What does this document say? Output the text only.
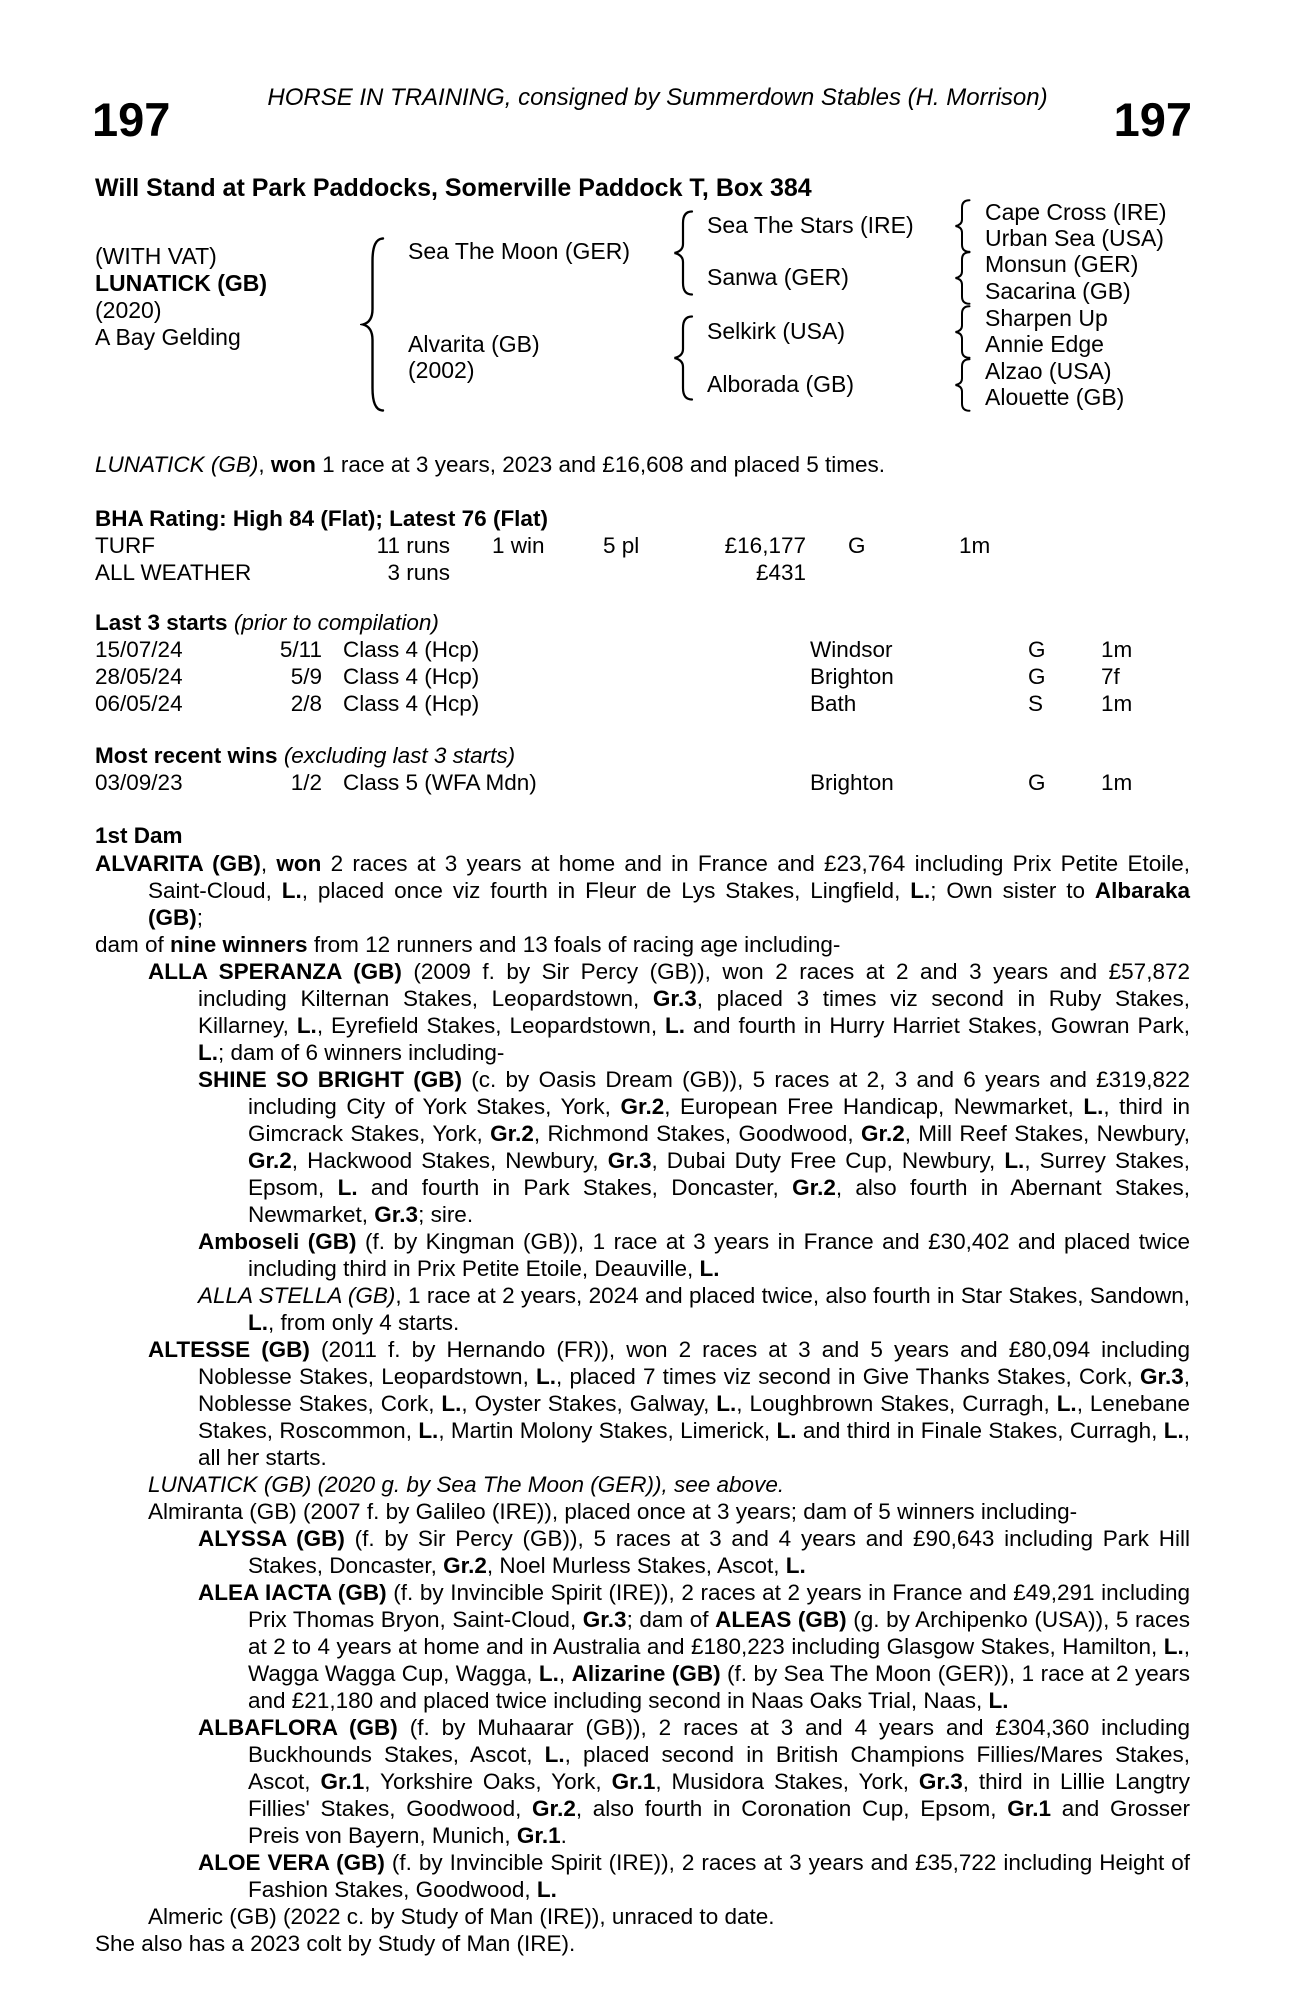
HORSE IN TRAINING, consigned by Summerdown Stables (H. Morrison)
197	197
Will Stand at Park Paddocks, Somerville Paddock T, Box 384
(WITH VAT)
LUNATICK (GB)
(2020)
A Bay Gelding
Sea The Moon (GER)
Alvarita (GB)
(2002)
Sea The Stars (IRE)
Sanwa (GER)
Selkirk (USA)
Alborada (GB)
Cape Cross (IRE)
Urban Sea (USA)
Monsun (GER)
Sacarina (GB)
Sharpen Up
Annie Edge
Alzao (USA)
Alouette (GB)
LUNATICK (GB), won 1 race at 3 years, 2023 and £16,608 and placed 5 times.
BHA Rating: High 84 (Flat); Latest 76 (Flat)
TURF	11 runs 1 win	5 pl	£16,177 G	1m
ALL WEATHER	3 runs	£431
Last 3 starts (prior to compilation)
15/07/24	5/11 Class 4 (Hcp)	Windsor	G 1m
28/05/24	5/9 Class 4 (Hcp)	Brighton	G 7f
06/05/24	2/8 Class 4 (Hcp)	Bath	S	1m
Most recent wins (excluding last 3 starts)
03/09/23	1/2 Class 5 (WFA Mdn)	Brighton	G 1m
1st Dam
ALVARITA (GB), won 2 races at 3 years at home and in France and £23,764 including Prix Petite Etoile, Saint-Cloud, L., placed once viz fourth in Fleur de Lys Stakes, Lingfield, L.; Own sister to Albaraka (GB);
dam of nine winners from 12 runners and 13 foals of racing age including-
ALLA SPERANZA (GB) (2009 f. by Sir Percy (GB)), won 2 races at 2 and 3 years and £57,872 including Kilternan Stakes, Leopardstown, Gr.3, placed 3 times viz second in Ruby Stakes, Killarney, L., Eyrefield Stakes, Leopardstown, L. and fourth in Hurry Harriet Stakes, Gowran Park, L.; dam of 6 winners including-
SHINE SO BRIGHT (GB) (c. by Oasis Dream (GB)), 5 races at 2, 3 and 6 years and £319,822 including City of York Stakes, York, Gr.2, European Free Handicap, Newmarket, L., third in Gimcrack Stakes, York, Gr.2, Richmond Stakes, Goodwood, Gr.2, Mill Reef Stakes, Newbury, Gr.2, Hackwood Stakes, Newbury, Gr.3, Dubai Duty Free Cup, Newbury, L., Surrey Stakes, Epsom, L. and fourth in Park Stakes, Doncaster, Gr.2, also fourth in Abernant Stakes, Newmarket, Gr.3; sire.
Amboseli (GB) (f. by Kingman (GB)), 1 race at 3 years in France and £30,402 and placed twice including third in Prix Petite Etoile, Deauville, L.
ALLA STELLA (GB), 1 race at 2 years, 2024 and placed twice, also fourth in Star Stakes, Sandown, L., from only 4 starts.
ALTESSE (GB) (2011 f. by Hernando (FR)), won 2 races at 3 and 5 years and £80,094 including Noblesse Stakes, Leopardstown, L., placed 7 times viz second in Give Thanks Stakes, Cork, Gr.3, Noblesse Stakes, Cork, L., Oyster Stakes, Galway, L., Loughbrown Stakes, Curragh, L., Lenebane Stakes, Roscommon, L., Martin Molony Stakes, Limerick, L. and third in Finale Stakes, Curragh, L., all her starts.
LUNATICK (GB) (2020 g. by Sea The Moon (GER)), see above.
Almiranta (GB) (2007 f. by Galileo (IRE)), placed once at 3 years; dam of 5 winners including-
ALYSSA (GB) (f. by Sir Percy (GB)), 5 races at 3 and 4 years and £90,643 including Park Hill Stakes, Doncaster, Gr.2, Noel Murless Stakes, Ascot, L.
ALEA IACTA (GB) (f. by Invincible Spirit (IRE)), 2 races at 2 years in France and £49,291 including Prix Thomas Bryon, Saint-Cloud, Gr.3; dam of ALEAS (GB) (g. by Archipenko (USA)), 5 races at 2 to 4 years at home and in Australia and £180,223 including Glasgow Stakes, Hamilton, L., Wagga Wagga Cup, Wagga, L., Alizarine (GB) (f. by Sea The Moon (GER)), 1 race at 2 years and £21,180 and placed twice including second in Naas Oaks Trial, Naas, L.
ALBAFLORA (GB) (f. by Muhaarar (GB)), 2 races at 3 and 4 years and £304,360 including Buckhounds Stakes, Ascot, L., placed second in British Champions Fillies/Mares Stakes, Ascot, Gr.1, Yorkshire Oaks, York, Gr.1, Musidora Stakes, York, Gr.3, third in Lillie Langtry Fillies' Stakes, Goodwood, Gr.2, also fourth in Coronation Cup, Epsom, Gr.1 and Grosser Preis von Bayern, Munich, Gr.1.
ALOE VERA (GB) (f. by Invincible Spirit (IRE)), 2 races at 3 years and £35,722 including Height of Fashion Stakes, Goodwood, L.
Almeric (GB) (2022 c. by Study of Man (IRE)), unraced to date.
She also has a 2023 colt by Study of Man (IRE).
